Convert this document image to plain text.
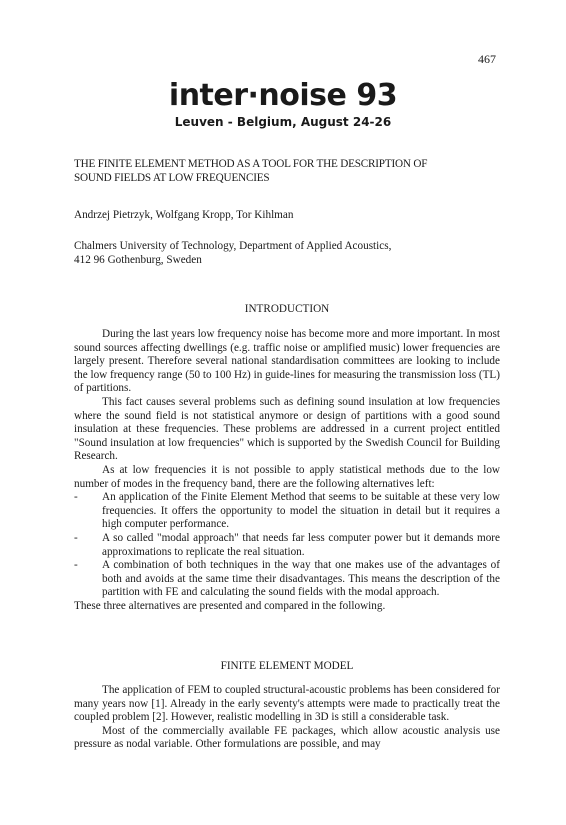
467
inter·noise 93
Leuven - Belgium, August 24-26
THE FINITE ELEMENT METHOD AS A TOOL FOR THE DESCRIPTION OF
SOUND FIELDS AT LOW FREQUENCIES
Andrzej Pietrzyk, Wolfgang Kropp, Tor Kihlman
Chalmers University of Technology, Department of Applied Acoustics,
412 96 Gothenburg, Sweden
INTRODUCTION

During the last years low frequency noise has become more and more important. In most sound sources affecting dwellings (e.g. traffic noise or amplified music) lower frequencies are largely present. Therefore several national standardisation committees are looking to include the low frequency range (50 to 100 Hz) in guide-lines for measuring the transmission loss (TL) of partitions.

This fact causes several problems such as defining sound insulation at low frequencies where the sound field is not statistical anymore or design of partitions with a good sound insulation at these frequencies. These problems are addressed in a current project entitled "Sound insulation at low frequencies" which is supported by the Swedish Council for Building Research.

As at low frequencies it is not possible to apply statistical methods due to the low number of modes in the frequency band, there are the following alternatives left:

- An application of the Finite Element Method that seems to be suitable at these very low frequencies. It offers the opportunity to model the situation in detail but it requires a high computer performance.
- A so called "modal approach" that needs far less computer power but it demands more approximations to replicate the real situation.
- A combination of both techniques in the way that one makes use of the advantages of both and avoids at the same time their disadvantages. This means the description of the partition with FE and calculating the sound fields with the modal approach.

These three alternatives are presented and compared in the following.

FINITE ELEMENT MODEL

The application of FEM to coupled structural-acoustic problems has been considered for many years now [1]. Already in the early seventy's attempts were made to practically treat the coupled problem [2]. However, realistic modelling in 3D is still a considerable task.

Most of the commercially available FE packages, which allow acoustic analysis use pressure as nodal variable. Other formulations are possible, and may
